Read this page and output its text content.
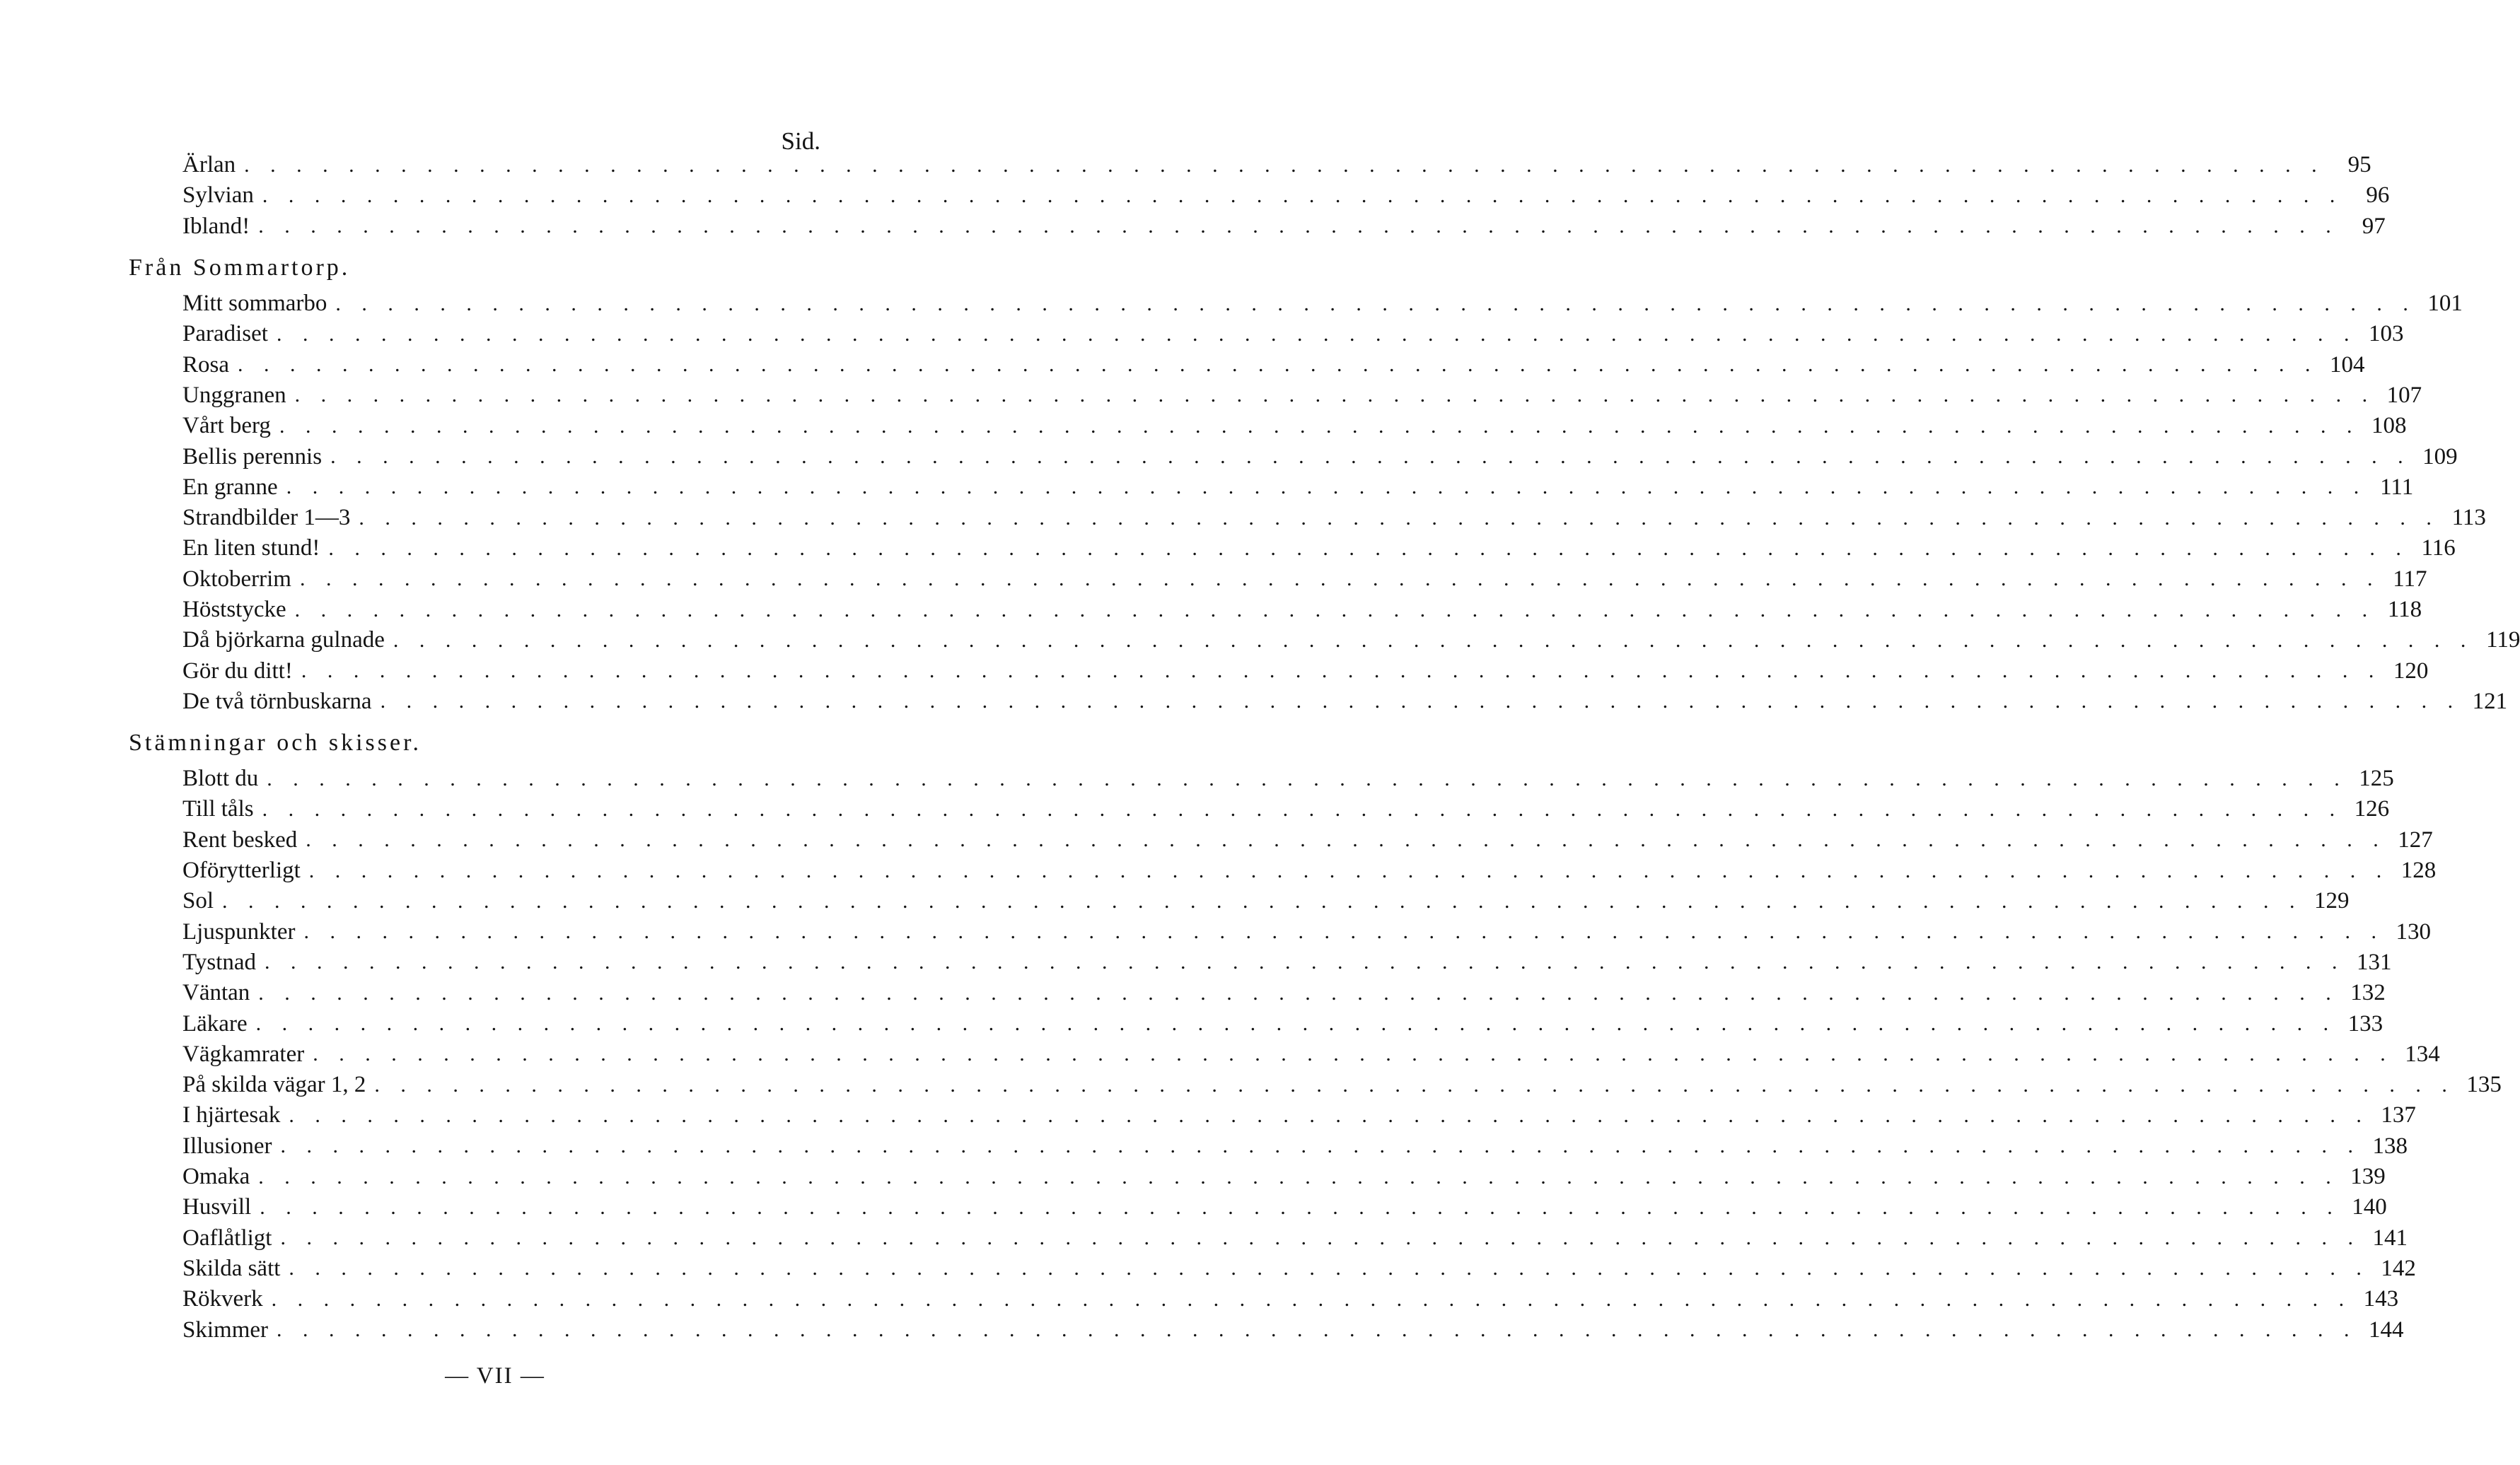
Sid.
Ärlan . . . . . . . . . . . . . . . . . . . . . . . . . . . . . . . . . . . . . . . . . . . . . . . . . . . . . . . . . . . . . . . . . . . . . . . . . . . . . . . .	95
Sylvian . . . . . . . . . . . . . . . . . . . . . . . . . . . . . . . . . . . . . . . . . . . . . . . . . . . . . . . . . . . . . . . . . . . . . . . . . . . . . . . .	96
Ibland! . . . . . . . . . . . . . . . . . . . . . . . . . . . . . . . . . . . . . . . . . . . . . . . . . . . . . . . . . . . . . . . . . . . . . . . . . . . . . . . .	97
Från Sommartorp.
Mitt sommarbo . . . . . . . . . . . . . . . . . . . . . . . . . . . . . . . . . . . . . . . . . . . . . . . . . . . . . . . . . . . . . . . . . . . . . . . . . . . . . . . . 101
Paradiset . . . . . . . . . . . . . . . . . . . . . . . . . . . . . . . . . . . . . . . . . . . . . . . . . . . . . . . . . . . . . . . . . . . . . . . . . . . . . . . . 103
Rosa . . . . . . . . . . . . . . . . . . . . . . . . . . . . . . . . . . . . . . . . . . . . . . . . . . . . . . . . . . . . . . . . . . . . . . . . . . . . . . . . 104
Unggranen . . . . . . . . . . . . . . . . . . . . . . . . . . . . . . . . . . . . . . . . . . . . . . . . . . . . . . . . . . . . . . . . . . . . . . . . . . . . . . . . 107
Vårt berg . . . . . . . . . . . . . . . . . . . . . . . . . . . . . . . . . . . . . . . . . . . . . . . . . . . . . . . . . . . . . . . . . . . . . . . . . . . . . . . . 108
Bellis perennis . . . . . . . . . . . . . . . . . . . . . . . . . . . . . . . . . . . . . . . . . . . . . . . . . . . . . . . . . . . . . . . . . . . . . . . . . . . . . . . . 109
En granne . . . . . . . . . . . . . . . . . . . . . . . . . . . . . . . . . . . . . . . . . . . . . . . . . . . . . . . . . . . . . . . . . . . . . . . . . . . . . . . . 111
Strandbilder 1—3 . . . . . . . . . . . . . . . . . . . . . . . . . . . . . . . . . . . . . . . . . . . . . . . . . . . . . . . . . . . . . . . . . . . . . . . . . . . . . . . . 113
En liten stund! . . . . . . . . . . . . . . . . . . . . . . . . . . . . . . . . . . . . . . . . . . . . . . . . . . . . . . . . . . . . . . . . . . . . . . . . . . . . . . . . 116
Oktoberrim . . . . . . . . . . . . . . . . . . . . . . . . . . . . . . . . . . . . . . . . . . . . . . . . . . . . . . . . . . . . . . . . . . . . . . . . . . . . . . . . 117
Höststycke . . . . . . . . . . . . . . . . . . . . . . . . . . . . . . . . . . . . . . . . . . . . . . . . . . . . . . . . . . . . . . . . . . . . . . . . . . . . . . . . 118
Då björkarna gulnade . . . . . . . . . . . . . . . . . . . . . . . . . . . . . . . . . . . . . . . . . . . . . . . . . . . . . . . . . . . . . . . . . . . . . . . . . . . . . . . . 119
Gör du ditt! . . . . . . . . . . . . . . . . . . . . . . . . . . . . . . . . . . . . . . . . . . . . . . . . . . . . . . . . . . . . . . . . . . . . . . . . . . . . . . . . 120
De två törnbuskarna . . . . . . . . . . . . . . . . . . . . . . . . . . . . . . . . . . . . . . . . . . . . . . . . . . . . . . . . . . . . . . . . . . . . . . . . . . . . . . . . 121
Stämningar och skisser.
Blott du . . . . . . . . . . . . . . . . . . . . . . . . . . . . . . . . . . . . . . . . . . . . . . . . . . . . . . . . . . . . . . . . . . . . . . . . . . . . . . . . 125
Till tåls . . . . . . . . . . . . . . . . . . . . . . . . . . . . . . . . . . . . . . . . . . . . . . . . . . . . . . . . . . . . . . . . . . . . . . . . . . . . . . . . 126
Rent besked . . . . . . . . . . . . . . . . . . . . . . . . . . . . . . . . . . . . . . . . . . . . . . . . . . . . . . . . . . . . . . . . . . . . . . . . . . . . . . . . 127
Oförytterligt . . . . . . . . . . . . . . . . . . . . . . . . . . . . . . . . . . . . . . . . . . . . . . . . . . . . . . . . . . . . . . . . . . . . . . . . . . . . . . . . 128
Sol . . . . . . . . . . . . . . . . . . . . . . . . . . . . . . . . . . . . . . . . . . . . . . . . . . . . . . . . . . . . . . . . . . . . . . . . . . . . . . . . 129
Ljuspunkter . . . . . . . . . . . . . . . . . . . . . . . . . . . . . . . . . . . . . . . . . . . . . . . . . . . . . . . . . . . . . . . . . . . . . . . . . . . . . . . . 130
Tystnad . . . . . . . . . . . . . . . . . . . . . . . . . . . . . . . . . . . . . . . . . . . . . . . . . . . . . . . . . . . . . . . . . . . . . . . . . . . . . . . . 131
Väntan . . . . . . . . . . . . . . . . . . . . . . . . . . . . . . . . . . . . . . . . . . . . . . . . . . . . . . . . . . . . . . . . . . . . . . . . . . . . . . . . 132
Läkare . . . . . . . . . . . . . . . . . . . . . . . . . . . . . . . . . . . . . . . . . . . . . . . . . . . . . . . . . . . . . . . . . . . . . . . . . . . . . . . . 133
Vägkamrater . . . . . . . . . . . . . . . . . . . . . . . . . . . . . . . . . . . . . . . . . . . . . . . . . . . . . . . . . . . . . . . . . . . . . . . . . . . . . . . . 134
På skilda vägar 1, 2 . . . . . . . . . . . . . . . . . . . . . . . . . . . . . . . . . . . . . . . . . . . . . . . . . . . . . . . . . . . . . . . . . . . . . . . . . . . . . . . . 135
I hjärtesak . . . . . . . . . . . . . . . . . . . . . . . . . . . . . . . . . . . . . . . . . . . . . . . . . . . . . . . . . . . . . . . . . . . . . . . . . . . . . . . . 137
Illusioner . . . . . . . . . . . . . . . . . . . . . . . . . . . . . . . . . . . . . . . . . . . . . . . . . . . . . . . . . . . . . . . . . . . . . . . . . . . . . . . . 138
Omaka . . . . . . . . . . . . . . . . . . . . . . . . . . . . . . . . . . . . . . . . . . . . . . . . . . . . . . . . . . . . . . . . . . . . . . . . . . . . . . . . 139
Husvill . . . . . . . . . . . . . . . . . . . . . . . . . . . . . . . . . . . . . . . . . . . . . . . . . . . . . . . . . . . . . . . . . . . . . . . . . . . . . . . . 140
Oaflåtligt . . . . . . . . . . . . . . . . . . . . . . . . . . . . . . . . . . . . . . . . . . . . . . . . . . . . . . . . . . . . . . . . . . . . . . . . . . . . . . . . 141
Skilda sätt . . . . . . . . . . . . . . . . . . . . . . . . . . . . . . . . . . . . . . . . . . . . . . . . . . . . . . . . . . . . . . . . . . . . . . . . . . . . . . . . 142
Rökverk . . . . . . . . . . . . . . . . . . . . . . . . . . . . . . . . . . . . . . . . . . . . . . . . . . . . . . . . . . . . . . . . . . . . . . . . . . . . . . . . 143
Skimmer . . . . . . . . . . . . . . . . . . . . . . . . . . . . . . . . . . . . . . . . . . . . . . . . . . . . . . . . . . . . . . . . . . . . . . . . . . . . . . . . 144
— VII —
